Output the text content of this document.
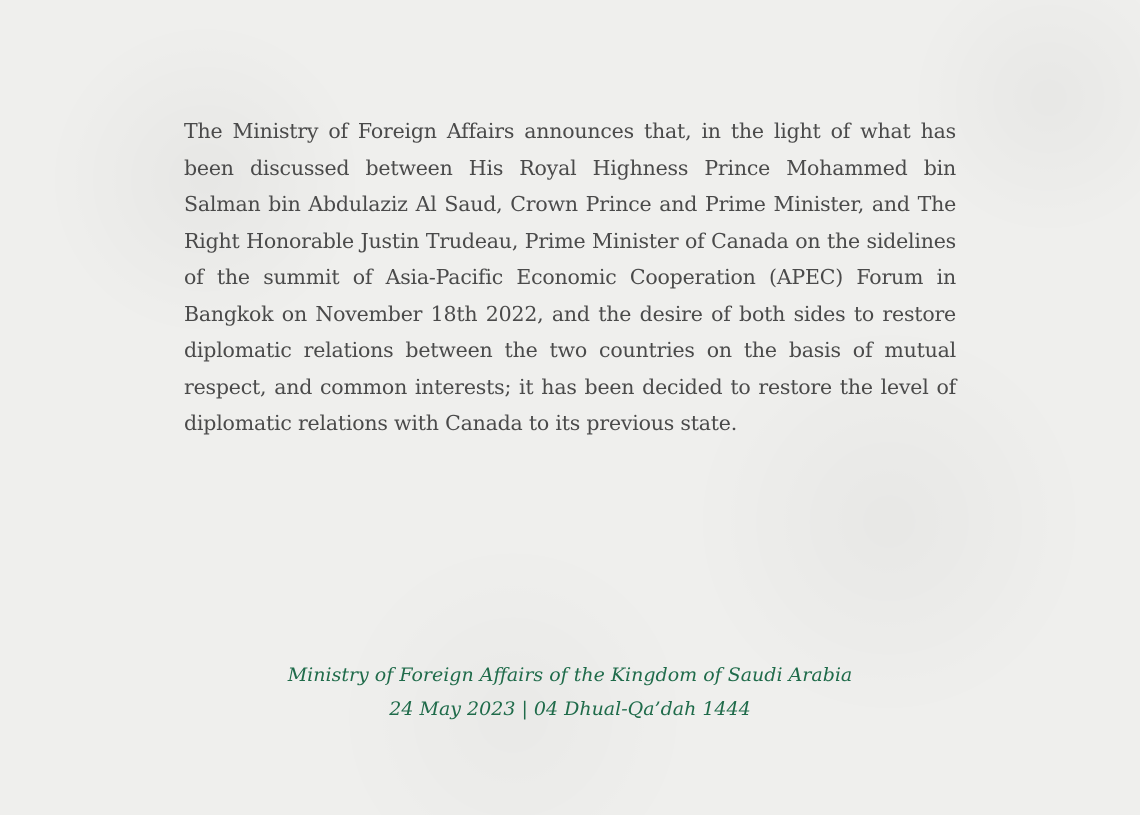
The Ministry of Foreign Affairs announces that, in the light of what has been discussed between His Royal Highness Prince Mohammed bin Salman bin Abdulaziz Al Saud, Crown Prince and Prime Minister, and The Right Honorable Justin Trudeau, Prime Minister of Canada on the sidelines of the summit of Asia-Pacific Economic Cooperation (APEC) Forum in Bangkok on November 18th 2022, and the desire of both sides to restore diplomatic relations between the two countries on the basis of mutual respect, and common interests; it has been decided to restore the level of diplomatic relations with Canada to its previous state.

Ministry of Foreign Affairs of the Kingdom of Saudi Arabia
24 May 2023 | 04 Dhual-Qa’dah 1444
